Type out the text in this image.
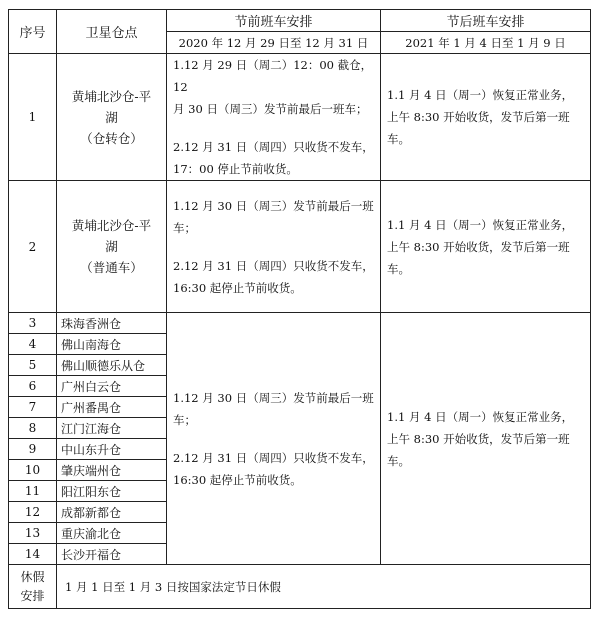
序号	卫星仓点	节前班车安排	节后班车安排
		2020 年 12 月 29 日至 12 月 31 日	2021 年 1 月 4 日至 1 月 9 日
1	黄埔北沙仓-平
湖
（仓转仓）	1.12 月 29 日（周二）12：00 截仓，12
月 30 日（周三）发节前最后一班车；
2.12 月 31 日（周四）只收货不发车，
17：00 停止节前收货。	1.1 月 4 日（周一）恢复正常业务，
上午 8:30 开始收货，发节后第一班
车。
2	黄埔北沙仓-平
湖
（普通车）	1.12 月 30 日（周三）发节前最后一班
车；
2.12 月 31 日（周四）只收货不发车，
16:30 起停止节前收货。	1.1 月 4 日（周一）恢复正常业务，
上午 8:30 开始收货，发节后第一班
车。
3	珠海香洲仓	1.12 月 30 日（周三）发节前最后一班
车；
2.12 月 31 日（周四）只收货不发车，
16:30 起停止节前收货。	1.1 月 4 日（周一）恢复正常业务，
上午 8:30 开始收货，发节后第一班
车。
4	佛山南海仓		
5	佛山顺德乐从仓		
6	广州白云仓		
7	广州番禺仓		
8	江门江海仓		
9	中山东升仓		
10	肇庆端州仓		
11	阳江阳东仓		
12	成都新都仓		
13	重庆渝北仓		
14	长沙开福仓		
休假
安排	1 月 1 日至 1 月 3 日按国家法定节日休假		
